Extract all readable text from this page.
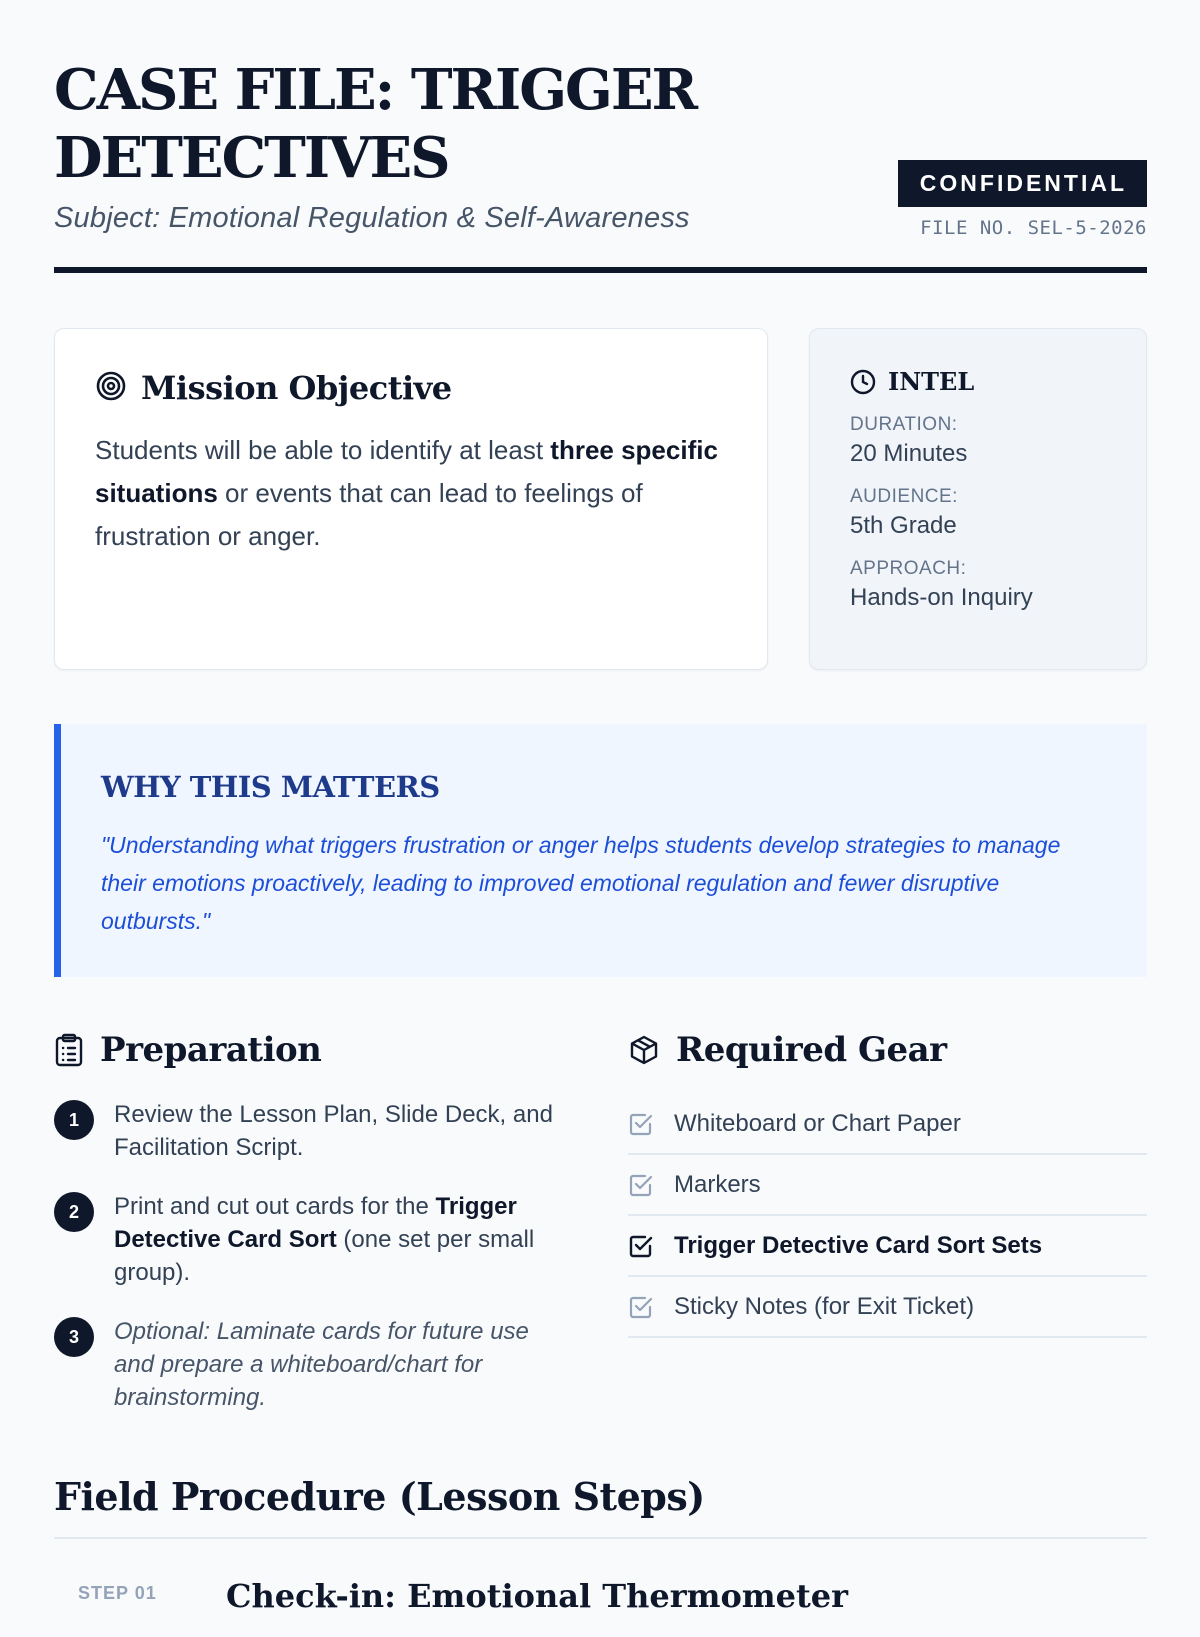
CASE FILE: TRIGGER DETECTIVES
Subject: Emotional Regulation & Self-Awareness
CONFIDENTIAL
FILE NO. SEL-5-2026
Mission Objective

Students will be able to identify at least three specific situations or events that can lead to feelings of frustration or anger.

INTEL
DURATION:
20 Minutes
AUDIENCE:
5th Grade
APPROACH:
Hands-on Inquiry
WHY THIS MATTERS

"Understanding what triggers frustration or anger helps students develop strategies to manage their emotions proactively, leading to improved emotional regulation and fewer disruptive outbursts."

Preparation
1	Review the Lesson Plan, Slide Deck, and Facilitation Script.
2	Print and cut out cards for the Trigger Detective Card Sort (one set per small group).
3	Optional: Laminate cards for future use and prepare a whiteboard/chart for brainstorming.
Required Gear
Whiteboard or Chart Paper
Markers
Trigger Detective Card Sort Sets
Sticky Notes (for Exit Ticket)
Field Procedure (Lesson Steps)
STEP 01 Check-in: Emotional Thermometer
